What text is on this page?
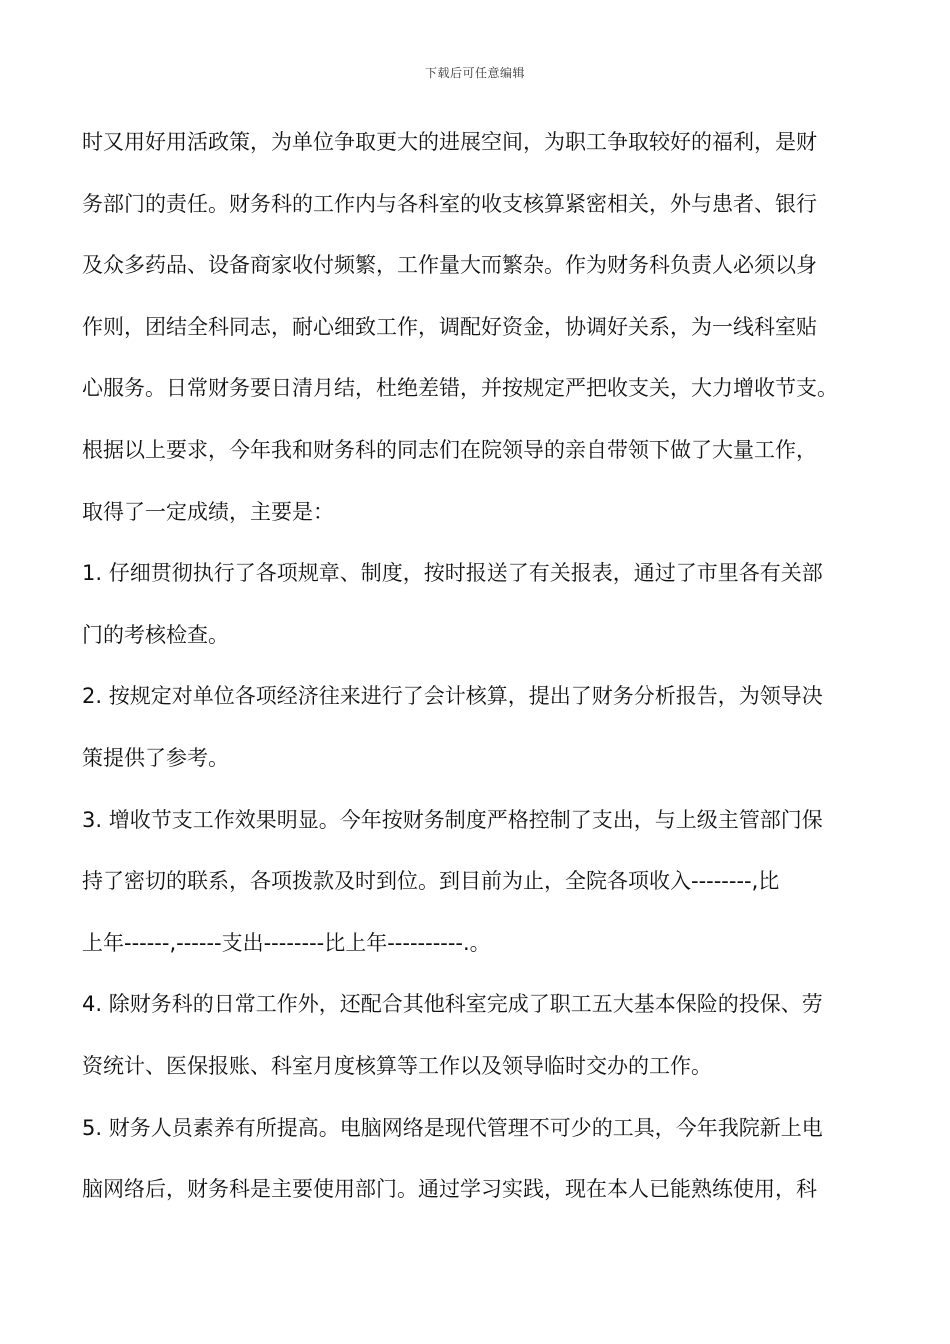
下载后可任意编辑
时又用好用活政策，为单位争取更大的进展空间，为职工争取较好的福利，是财
务部门的责任。财务科的工作内与各科室的收支核算紧密相关，外与患者、银行
及众多药品、设备商家收付频繁，工作量大而繁杂。作为财务科负责人必须以身
作则，团结全科同志，耐心细致工作，调配好资金，协调好关系，为一线科室贴
心服务。日常财务要日清月结，杜绝差错，并按规定严把收支关，大力增收节支。
根据以上要求，今年我和财务科的同志们在院领导的亲自带领下做了大量工作，
取得了一定成绩，主要是：
1. 仔细贯彻执行了各项规章、制度，按时报送了有关报表，通过了市里各有关部
门的考核检查。
2. 按规定对单位各项经济往来进行了会计核算，提出了财务分析报告，为领导决
策提供了参考。
3. 增收节支工作效果明显。今年按财务制度严格控制了支出，与上级主管部门保
持了密切的联系，各项拨款及时到位。到目前为止，全院各项收入--------,比
上年------,------支出--------比上年----------.。
4. 除财务科的日常工作外，还配合其他科室完成了职工五大基本保险的投保、劳
资统计、医保报账、科室月度核算等工作以及领导临时交办的工作。
5. 财务人员素养有所提高。电脑网络是现代管理不可少的工具，今年我院新上电
脑网络后，财务科是主要使用部门。通过学习实践，现在本人已能熟练使用，科
